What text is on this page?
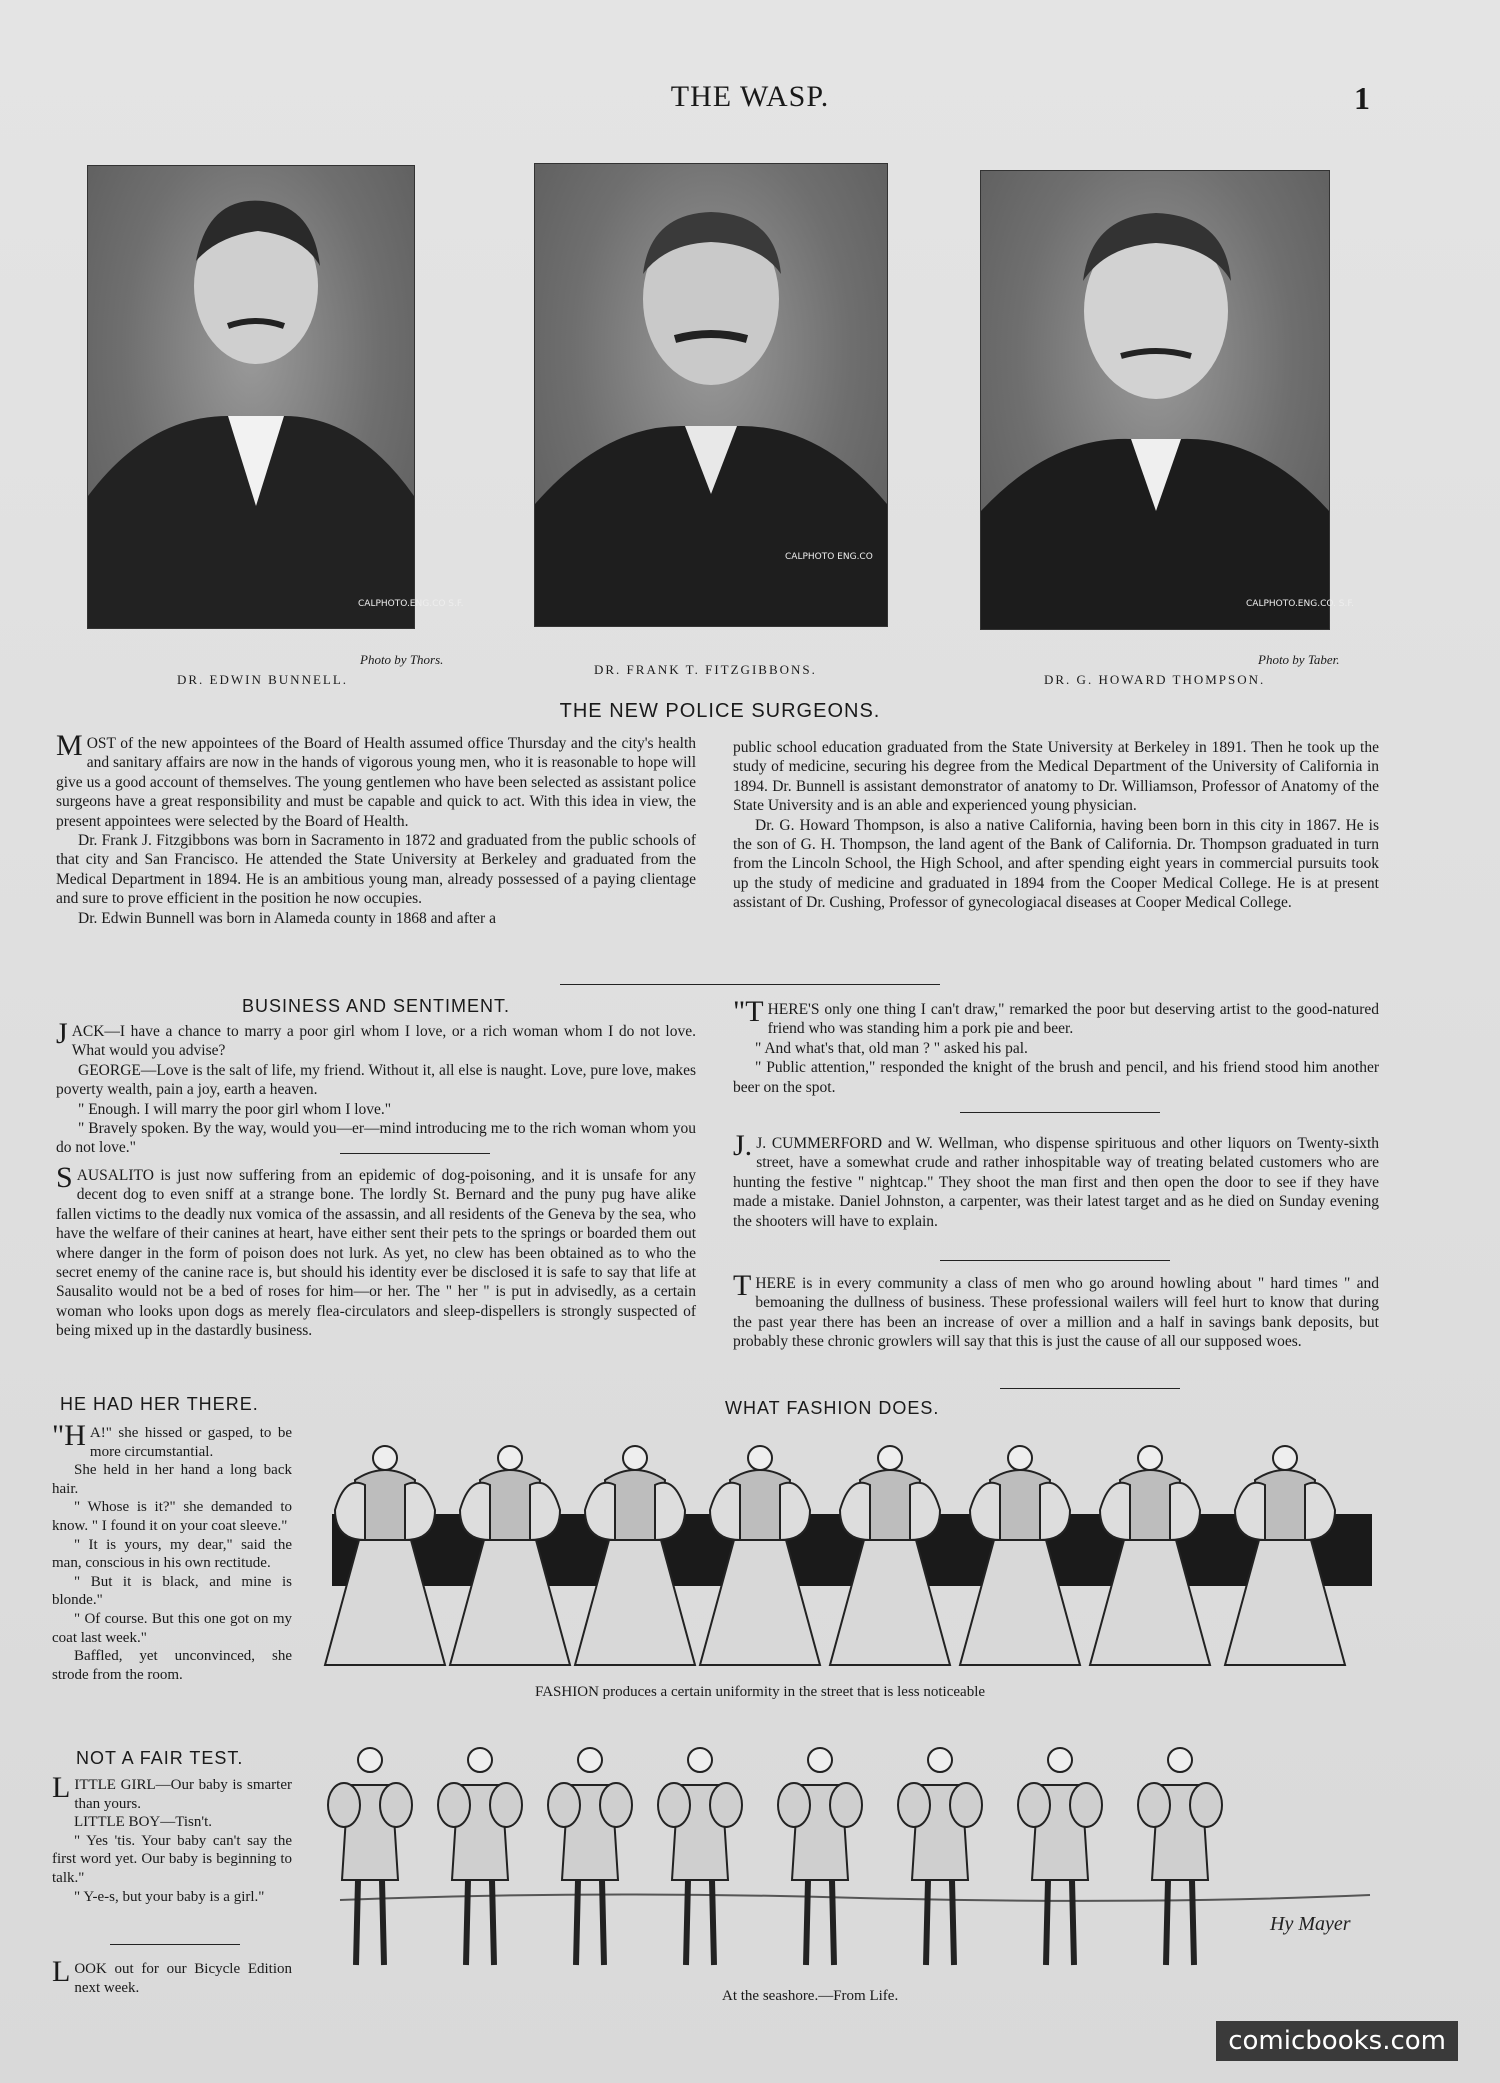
THE WASP.	1
CALPHOTO.ENG.CO S.F.
CALPHOTO ENG.CO
CALPHOTO.ENG.CO. S.F.
Photo by Thors.
DR. EDWIN BUNNELL.
DR. FRANK T. FITZGIBBONS.
Photo by Taber.
DR. G. HOWARD THOMPSON.
THE NEW POLICE SURGEONS.

MOST of the new appointees of the Board of Health assumed office Thursday and the city's health and sanitary affairs are now in the hands of vigorous young men, who it is reasonable to hope will give us a good account of themselves. The young gentlemen who have been selected as assistant police surgeons have a great responsibility and must be capable and quick to act. With this idea in view, the present appointees were selected by the Board of Health.

Dr. Frank J. Fitzgibbons was born in Sacramento in 1872 and graduated from the public schools of that city and San Francisco. He attended the State University at Berkeley and graduated from the Medical Department in 1894. He is an ambitious young man, already possessed of a paying clientage and sure to prove efficient in the position he now occupies.

Dr. Edwin Bunnell was born in Alameda county in 1868 and after a

public school education graduated from the State University at Berkeley in 1891. Then he took up the study of medicine, securing his degree from the Medical Department of the University of California in 1894. Dr. Bunnell is assistant demonstrator of anatomy to Dr. Williamson, Professor of Anatomy of the State University and is an able and experienced young physician.

Dr. G. Howard Thompson, is also a native California, having been born in this city in 1867. He is the son of G. H. Thompson, the land agent of the Bank of California. Dr. Thompson graduated in turn from the Lincoln School, the High School, and after spending eight years in commercial pursuits took up the study of medicine and graduated in 1894 from the Cooper Medical College. He is at present assistant of Dr. Cushing, Professor of gynecologiacal diseases at Cooper Medical College.

BUSINESS AND SENTIMENT.

JACK—I have a chance to marry a poor girl whom I love, or a rich woman whom I do not love. What would you advise?

GEORGE—Love is the salt of life, my friend. Without it, all else is naught. Love, pure love, makes poverty wealth, pain a joy, earth a heaven.

" Enough. I will marry the poor girl whom I love."

" Bravely spoken. By the way, would you—er—mind introducing me to the rich woman whom you do not love."

SAUSALITO is just now suffering from an epidemic of dog-poisoning, and it is unsafe for any decent dog to even sniff at a strange bone. The lordly St. Bernard and the puny pug have alike fallen victims to the deadly nux vomica of the assassin, and all residents of the Geneva by the sea, who have the welfare of their canines at heart, have either sent their pets to the springs or boarded them out where danger in the form of poison does not lurk. As yet, no clew has been obtained as to who the secret enemy of the canine race is, but should his identity ever be disclosed it is safe to say that life at Sausalito would not be a bed of roses for him—or her. The " her " is put in advisedly, as a certain woman who looks upon dogs as merely flea-circulators and sleep-dispellers is strongly suspected of being mixed up in the dastardly business.

"THERE'S only one thing I can't draw," remarked the poor but deserving artist to the good-natured friend who was standing him a pork pie and beer.

" And what's that, old man ? " asked his pal.

" Public attention," responded the knight of the brush and pencil, and his friend stood him another beer on the spot.

J.J. CUMMERFORD and W. Wellman, who dispense spirituous and other liquors on Twenty-sixth street, have a somewhat crude and rather inhospitable way of treating belated customers who are hunting the festive " nightcap." They shoot the man first and then open the door to see if they have made a mistake. Daniel Johnston, a carpenter, was their latest target and as he died on Sunday evening the shooters will have to explain.

THERE is in every community a class of men who go around howling about " hard times " and bemoaning the dullness of business. These professional wailers will feel hurt to know that during the past year there has been an increase of over a million and a half in savings bank deposits, but probably these chronic growlers will say that this is just the cause of all our supposed woes.

HE HAD HER THERE.

"HA!" she hissed or gasped, to be more circumstantial.

She held in her hand a long back hair.

" Whose is it?" she demanded to know. " I found it on your coat sleeve."

" It is yours, my dear," said the man, conscious in his own rectitude.

" But it is black, and mine is blonde."

" Of course. But this one got on my coat last week."

Baffled, yet unconvinced, she strode from the room.

NOT A FAIR TEST.

LITTLE GIRL—Our baby is smarter than yours.

LITTLE BOY—Tisn't.

" Yes 'tis. Your baby can't say the first word yet. Our baby is beginning to talk."

" Y-e-s, but your baby is a girl."

LOOK out for our Bicycle Edition next week.

WHAT FASHION DOES.
FASHION produces a certain uniformity in the street that is less noticeable
Hy Mayer
At the seashore.—From Life.
comicbooks.com
